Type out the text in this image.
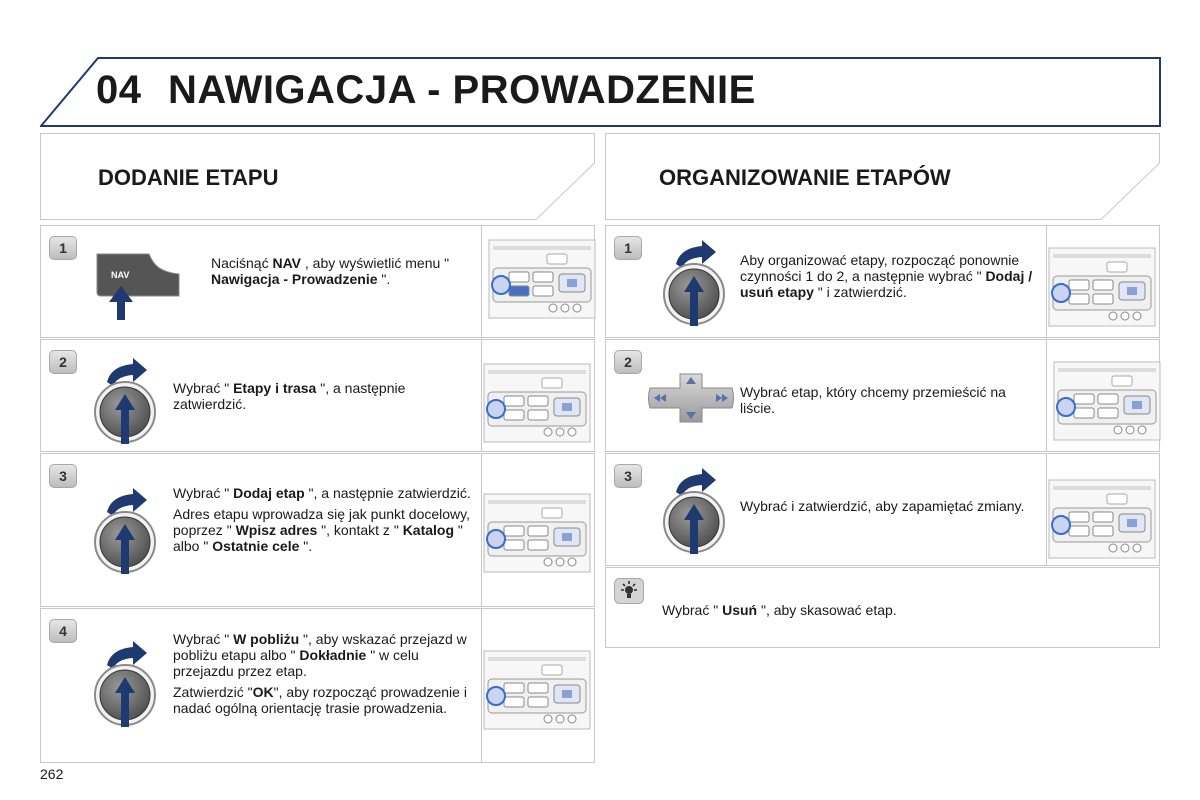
04 NAWIGACJA - PROWADZENIE
DODANIE ETAPU	ORGANIZOWANIE ETAPÓW
1
NAV

Naciśnąć NAV , aby wyświetlić menu " Nawigacja - Prowadzenie ".

2

Wybrać " Etapy i trasa ", a następnie zatwierdzić.

3

Wybrać " Dodaj etap ", a następnie zatwierdzić.

Adres etapu wprowadza się jak punkt docelowy, poprzez " Wpisz adres ", kontakt z " Katalog " albo " Ostatnie cele ".

4	Wybrać " W pobliżu ", aby wskazać przejazd w pobliżu etapu albo " Dokładnie " w celu przejazdu przez etap.

Zatwierdzić "OK", aby rozpocząć prowadzenie i nadać ogólną orientację trasie prowadzenia.

1

Aby organizować etapy, rozpocząć ponownie czynności 1 do 2, a następnie wybrać " Dodaj / usuń etapy " i zatwierdzić.

2

Wybrać etap, który chcemy przemieścić na liście.

3

Wybrać i zatwierdzić, aby zapamiętać zmiany.

Wybrać " Usuń ", aby skasować etap.

262
